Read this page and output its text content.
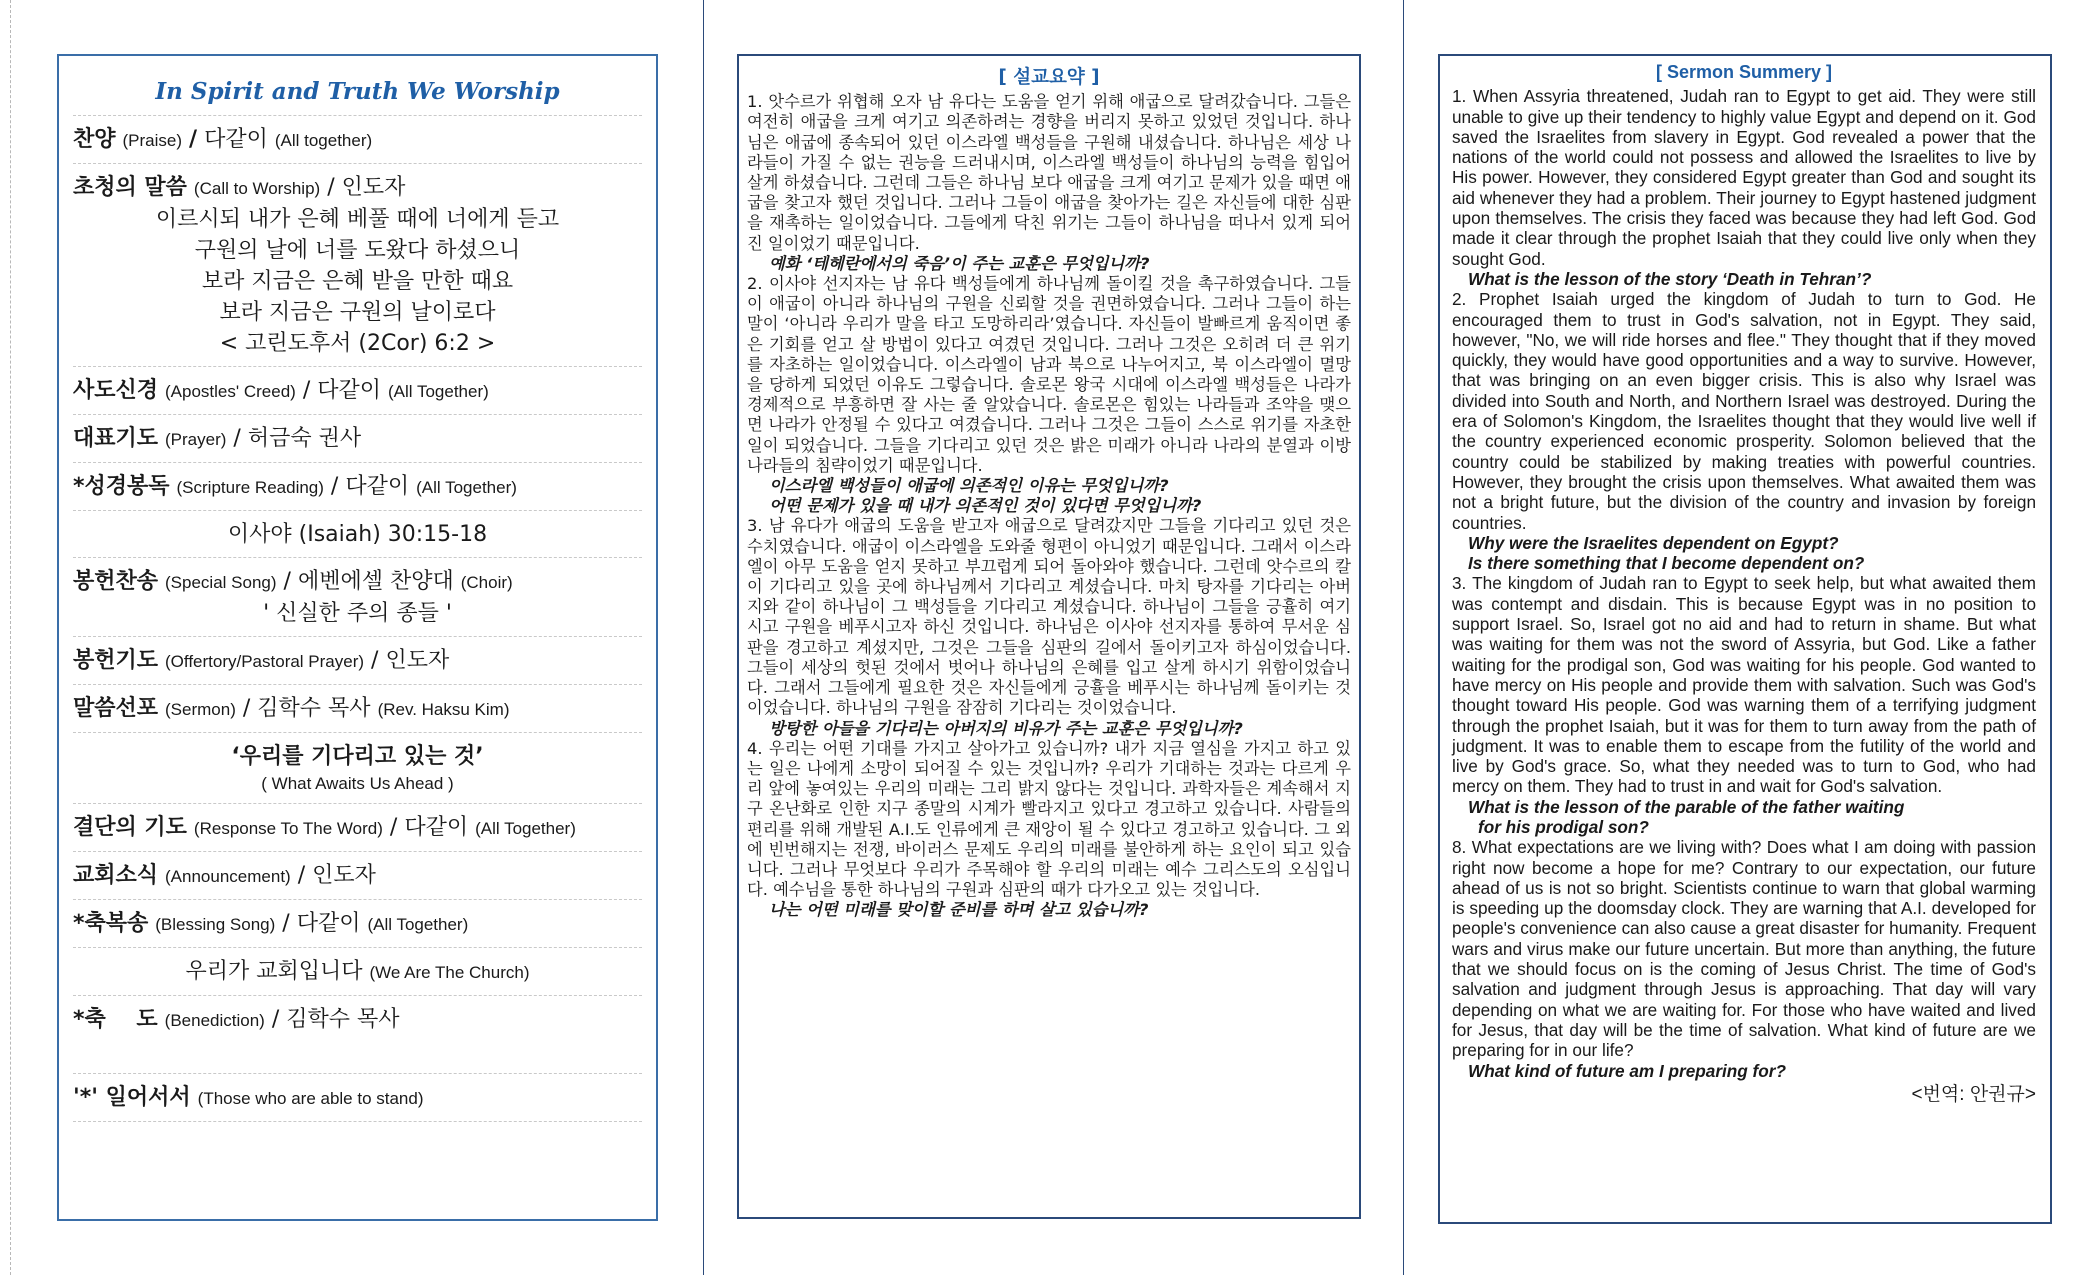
In Spirit and Truth We Worship
찬양 (Praise) / 다같이 (All together)
초청의 말씀 (Call to Worship) / 인도자
이르시되 내가 은혜 베풀 때에 너에게 듣고
구원의 날에 너를 도왔다 하셨으니
보라 지금은 은혜 받을 만한 때요
보라 지금은 구원의 날이로다
< 고린도후서 (2Cor) 6:2 >
사도신경 (Apostles' Creed) / 다같이 (All Together)
대표기도 (Prayer) / 허금숙 권사
*성경봉독 (Scripture Reading) / 다같이 (All Together)
이사야 (Isaiah) 30:15-18
봉헌찬송 (Special Song) / 에벤에셀 찬양대 (Choir)
' 신실한 주의 종들 '
봉헌기도 (Offertory/Pastoral Prayer) / 인도자
말씀선포 (Sermon) / 김학수 목사 (Rev. Haksu Kim)
‘우리를 기다리고 있는 것’
( What Awaits Us Ahead )
결단의 기도 (Response To The Word) / 다같이 (All Together)
교회소식 (Announcement) / 인도자
*축복송 (Blessing Song) / 다같이 (All Together)
우리가 교회입니다 (We Are The Church)
*축    도 (Benediction) / 김학수 목사
'*' 일어서서 (Those who are able to stand)
[ 설교요약 ]

1. 앗수르가 위협해 오자 남 유다는 도움을 얻기 위해 애굽으로 달려갔습니다. 그들은 여전히 애굽을 크게 여기고 의존하려는 경향을 버리지 못하고 있었던 것입니다. 하나님은 애굽에 종속되어 있던 이스라엘 백성들을 구원해 내셨습니다. 하나님은 세상 나라들이 가질 수 없는 권능을 드러내시며, 이스라엘 백성들이 하나님의 능력을 힘입어 살게 하셨습니다. 그런데 그들은 하나님 보다 애굽을 크게 여기고 문제가 있을 때면 애굽을 찾고자 했던 것입니다. 그러나 그들이 애굽을 찾아가는 길은 자신들에 대한 심판을 재촉하는 일이었습니다. 그들에게 닥친 위기는 그들이 하나님을 떠나서 있게 되어진 일이었기 때문입니다.

예화 ‘테헤란에서의 죽음’이 주는 교훈은 무엇입니까?

2. 이사야 선지자는 남 유다 백성들에게 하나님께 돌이킬 것을 촉구하였습니다. 그들이 애굽이 아니라 하나님의 구원을 신뢰할 것을 권면하였습니다. 그러나 그들이 하는 말이 ‘아니라 우리가 말을 타고 도망하리라’였습니다. 자신들이 발빠르게 움직이면 좋은 기회를 얻고 살 방법이 있다고 여겼던 것입니다. 그러나 그것은 오히려 더 큰 위기를 자초하는 일이었습니다. 이스라엘이 남과 북으로 나누어지고, 북 이스라엘이 멸망을 당하게 되었던 이유도 그렇습니다. 솔로몬 왕국 시대에 이스라엘 백성들은 나라가 경제적으로 부흥하면 잘 사는 줄 알았습니다. 솔로몬은 힘있는 나라들과 조약을 맺으면 나라가 안정될 수 있다고 여겼습니다. 그러나 그것은 그들이 스스로 위기를 자초한 일이 되었습니다. 그들을 기다리고 있던 것은 밝은 미래가 아니라 나라의 분열과 이방 나라들의 침략이었기 때문입니다.

이스라엘 백성들이 애굽에 의존적인 이유는 무엇입니까?

어떤 문제가 있을 때 내가 의존적인 것이 있다면 무엇입니까?

3. 남 유다가 애굽의 도움을 받고자 애굽으로 달려갔지만 그들을 기다리고 있던 것은 수치였습니다. 애굽이 이스라엘을 도와줄 형편이 아니었기 때문입니다. 그래서 이스라엘이 아무 도움을 얻지 못하고 부끄럽게 되어 돌아와야 했습니다. 그런데 앗수르의 칼이 기다리고 있을 곳에 하나님께서 기다리고 계셨습니다. 마치 탕자를 기다리는 아버지와 같이 하나님이 그 백성들을 기다리고 계셨습니다. 하나님이 그들을 긍휼히 여기시고 구원을 베푸시고자 하신 것입니다. 하나님은 이사야 선지자를 통하여 무서운 심판을 경고하고 계셨지만, 그것은 그들을 심판의 길에서 돌이키고자 하심이었습니다. 그들이 세상의 헛된 것에서 벗어나 하나님의 은혜를 입고 살게 하시기 위함이었습니다. 그래서 그들에게 필요한 것은 자신들에게 긍휼을 베푸시는 하나님께 돌이키는 것이었습니다. 하나님의 구원을 잠잠히 기다리는 것이었습니다.

방탕한 아들을 기다리는 아버지의 비유가 주는 교훈은 무엇입니까?

4. 우리는 어떤 기대를 가지고 살아가고 있습니까? 내가 지금 열심을 가지고 하고 있는 일은 나에게 소망이 되어질 수 있는 것입니까? 우리가 기대하는 것과는 다르게 우리 앞에 놓여있는 우리의 미래는 그리 밝지 않다는 것입니다. 과학자들은 계속해서 지구 온난화로 인한 지구 종말의 시계가 빨라지고 있다고 경고하고 있습니다. 사람들의 편리를 위해 개발된 A.I.도 인류에게 큰 재앙이 될 수 있다고 경고하고 있습니다. 그 외에 빈번해지는 전쟁, 바이러스 문제도 우리의 미래를 불안하게 하는 요인이 되고 있습니다. 그러나 무엇보다 우리가 주목해야 할 우리의 미래는 예수 그리스도의 오심입니다. 예수님을 통한 하나님의 구원과 심판의 때가 다가오고 있는 것입니다.

나는 어떤 미래를 맞이할 준비를 하며 살고 있습니까?

[ Sermon Summery ]

1. When Assyria threatened, Judah ran to Egypt to get aid. They were still unable to give up their tendency to highly value Egypt and depend on it. God saved the Israelites from slavery in Egypt. God revealed a power that the nations of the world could not possess and allowed the Israelites to live by His power. However, they considered Egypt greater than God and sought its aid whenever they had a problem. Their journey to Egypt hastened judgment upon themselves. The crisis they faced was because they had left God. God made it clear through the prophet Isaiah that they could live only when they sought God.

What is the lesson of the story ‘Death in Tehran’?

2. Prophet Isaiah urged the kingdom of Judah to turn to God. He encouraged them to trust in God's salvation, not in Egypt. They said, however, "No, we will ride horses and flee." They thought that if they moved quickly, they would have good opportunities and a way to survive. However, that was bringing on an even bigger crisis. This is also why Israel was divided into South and North, and Northern Israel was destroyed. During the era of Solomon's Kingdom, the Israelites thought that they would live well if the country experienced economic prosperity. Solomon believed that the country could be stabilized by making treaties with powerful countries. However, they brought the crisis upon themselves. What awaited them was not a bright future, but the division of the country and invasion by foreign countries.

Why were the Israelites dependent on Egypt?

Is there something that I become dependent on?

3. The kingdom of Judah ran to Egypt to seek help, but what awaited them was contempt and disdain. This is because Egypt was in no position to support Israel. So, Israel got no aid and had to return in shame. But what was waiting for them was not the sword of Assyria, but God. Like a father waiting for the prodigal son, God was waiting for his people. God wanted to have mercy on His people and provide them with salvation. Such was God's thought toward His people. God was warning them of a terrifying judgment through the prophet Isaiah, but it was for them to turn away from the path of judgment. It was to enable them to escape from the futility of the world and live by God's grace. So, what they needed was to turn to God, who had mercy on them. They had to trust in and wait for God's salvation.

What is the lesson of the parable of the father waiting

for his prodigal son?

8. What expectations are we living with? Does what I am doing with passion right now become a hope for me? Contrary to our expectation, our future ahead of us is not so bright. Scientists continue to warn that global warming is speeding up the doomsday clock. They are warning that A.I. developed for people's convenience can also cause a great disaster for humanity. Frequent wars and virus make our future uncertain. But more than anything, the future that we should focus on is the coming of Jesus Christ. The time of God's salvation and judgment through Jesus is approaching. That day will vary depending on what we are waiting for. For those who have waited and lived for Jesus, that day will be the time of salvation. What kind of future are we preparing for in our life?

What kind of future am I preparing for?

<번역: 안권규>
